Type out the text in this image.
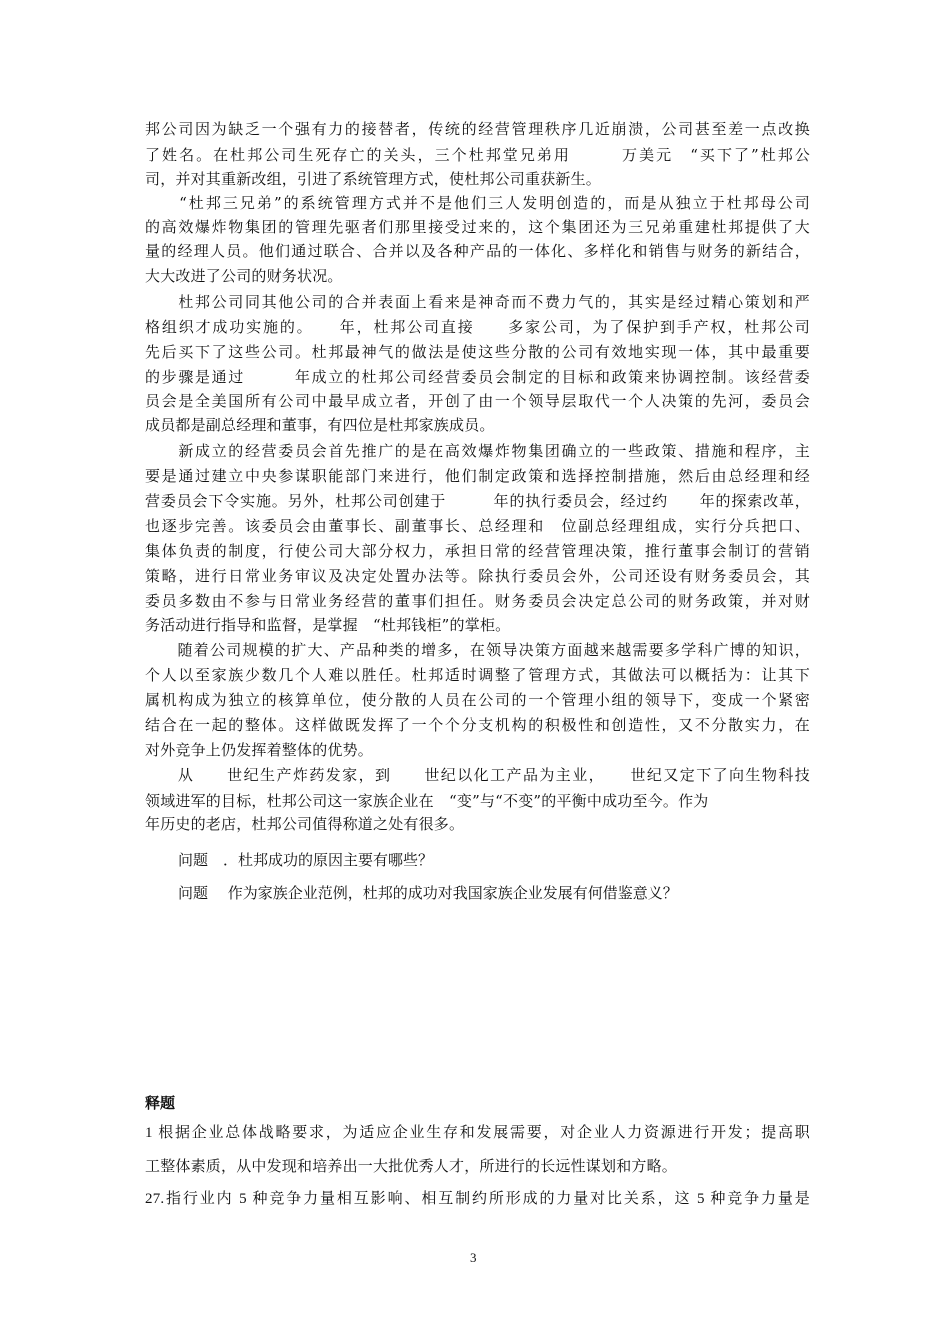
邦公司因为缺乏一个强有力的接替者，传统的经营管理秩序几近崩溃，公司甚至差一点改换
了姓名。在杜邦公司生死存亡的关头，三个杜邦堂兄弟用　　　万美元　“买下了”杜邦公
司，并对其重新改组，引进了系统管理方式，使杜邦公司重获新生。
　　“杜邦三兄弟”的系统管理方式并不是他们三人发明创造的，而是从独立于杜邦母公司
的高效爆炸物集团的管理先驱者们那里接受过来的，这个集团还为三兄弟重建杜邦提供了大
量的经理人员。他们通过联合、合并以及各种产品的一体化、多样化和销售与财务的新结合，
大大改进了公司的财务状况。
　　杜邦公司同其他公司的合并表面上看来是神奇而不费力气的，其实是经过精心策划和严
格组织才成功实施的。　　年，杜邦公司直接　　多家公司，为了保护到手产权，杜邦公司
先后买下了这些公司。杜邦最神气的做法是使这些分散的公司有效地实现一体，其中最重要
的步骤是通过　　　年成立的杜邦公司经营委员会制定的目标和政策来协调控制。该经营委
员会是全美国所有公司中最早成立者，开创了由一个领导层取代一个人决策的先河，委员会
成员都是副总经理和董事，有四位是杜邦家族成员。
　　新成立的经营委员会首先推广的是在高效爆炸物集团确立的一些政策、措施和程序，主
要是通过建立中央参谋职能部门来进行，他们制定政策和选择控制措施，然后由总经理和经
营委员会下令实施。另外，杜邦公司创建于　　　年的执行委员会，经过约　　年的探索改革，
也逐步完善。该委员会由董事长、副董事长、总经理和　位副总经理组成，实行分兵把口、
集体负责的制度，行使公司大部分权力，承担日常的经营管理决策，推行董事会制订的营销
策略，进行日常业务审议及决定处置办法等。除执行委员会外，公司还设有财务委员会，其
委员多数由不参与日常业务经营的董事们担任。财务委员会决定总公司的财务政策，并对财
务活动进行指导和监督，是掌握　“杜邦钱柜”的掌柜。
　　随着公司规模的扩大、产品种类的增多，在领导决策方面越来越需要多学科广博的知识，
个人以至家族少数几个人难以胜任。杜邦适时调整了管理方式，其做法可以概括为：让其下
属机构成为独立的核算单位，使分散的人员在公司的一个管理小组的领导下，变成一个紧密
结合在一起的整体。这样做既发挥了一个个分支机构的积极性和创造性，又不分散实力，在
对外竞争上仍发挥着整体的优势。
　　从　　世纪生产炸药发家，到　　世纪以化工产品为主业，　　世纪又定下了向生物科技
领域进军的目标，杜邦公司这一家族企业在　“变”与“不变”的平衡中成功至今。作为
年历史的老店，杜邦公司值得称道之处有很多。
问题　．杜邦成功的原因主要有哪些？
问题　 作为家族企业范例，杜邦的成功对我国家族企业发展有何借鉴意义？
释题
1 根据企业总体战略要求，为适应企业生存和发展需要，对企业人力资源进行开发；提高职
工整体素质，从中发现和培养出一大批优秀人才，所进行的长远性谋划和方略。
27.指行业内 5 种竞争力量相互影响、相互制约所形成的力量对比关系，这 5 种竞争力量是
3
